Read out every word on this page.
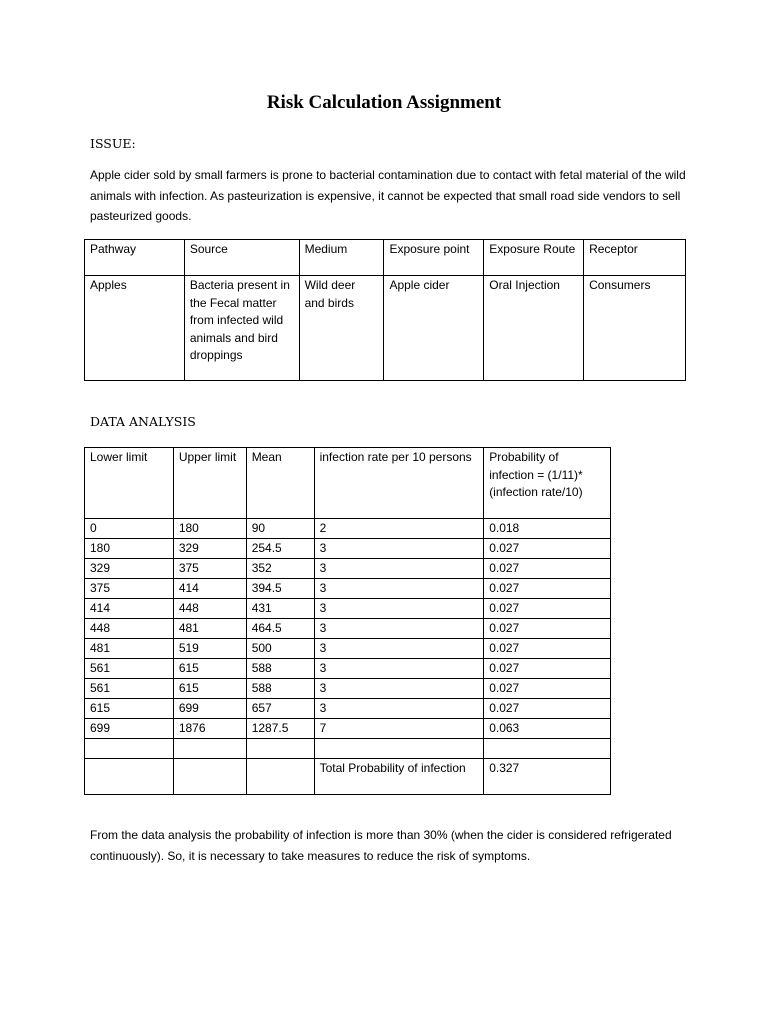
Risk Calculation Assignment
ISSUE:
Apple cider sold by small farmers is prone to bacterial contamination due to contact with fetal material of the wild animals with infection. As pasteurization is expensive, it cannot be expected that small road side vendors to sell pasteurized goods.
Pathway	Source	Medium	Exposure point	Exposure Route	Receptor
Apples	Bacteria present in the Fecal matter from infected wild animals and bird droppings	Wild deer and birds	Apple cider	Oral Injection	Consumers
DATA ANALYSIS
Lower limit	Upper limit	Mean	infection rate per 10 persons	Probability of infection = (1/11)*(infection rate/10)
0	180	90	2	0.018
180	329	254.5	3	0.027
329	375	352	3	0.027
375	414	394.5	3	0.027
414	448	431	3	0.027
448	481	464.5	3	0.027
481	519	500	3	0.027
561	615	588	3	0.027
561	615	588	3	0.027
615	699	657	3	0.027
699	1876	1287.5	7	0.063

			Total Probability of infection	0.327
From the data analysis the probability of infection is more than 30% (when the cider is considered refrigerated continuously). So, it is necessary to take measures to reduce the risk of symptoms.
